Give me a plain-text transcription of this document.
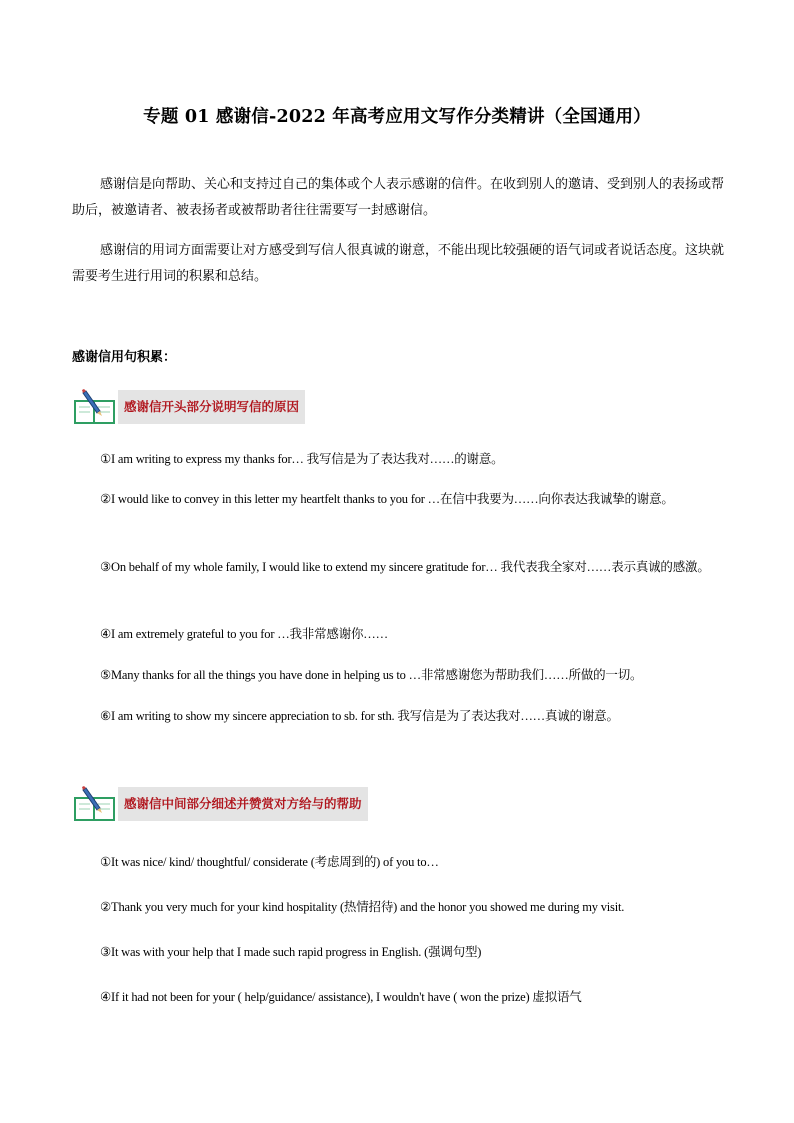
专题 01 感谢信-2022 年高考应用文写作分类精讲（全国通用）
感谢信是向帮助、关心和支持过自己的集体或个人表示感谢的信件。在收到别人的邀请、受到别人的表扬或帮助后，被邀请者、被表扬者或被帮助者往往需要写一封感谢信。
感谢信的用词方面需要让对方感受到写信人很真诚的谢意，不能出现比较强硬的语气词或者说话态度。这块就需要考生进行用词的积累和总结。
感谢信用句积累：
感谢信开头部分说明写信的原因
①I am writing to express my thanks for… 我写信是为了表达我对……的谢意。
②I would like to convey in this letter my heartfelt thanks to you for …在信中我要为……向你表达我诚挚的谢意。
③On behalf of my whole family, I would like to extend my sincere gratitude for… 我代表我全家对……表示真诚的感激。
④I am extremely grateful to you for …我非常感谢你……
⑤Many thanks for all the things you have done in helping us to …非常感谢您为帮助我们……所做的一切。
⑥I am writing to show my sincere appreciation to sb. for sth. 我写信是为了表达我对……真诚的谢意。
感谢信中间部分细述并赞赏对方给与的帮助
①It was nice/ kind/ thoughtful/ considerate (考虑周到的) of you to…
②Thank you very much for your kind hospitality (热情招待) and the honor you showed me during my visit.
③It was with your help that I made such rapid progress in English. (强调句型)
④If it had not been for your ( help/guidance/ assistance), I wouldn't have ( won the prize) 虚拟语气
